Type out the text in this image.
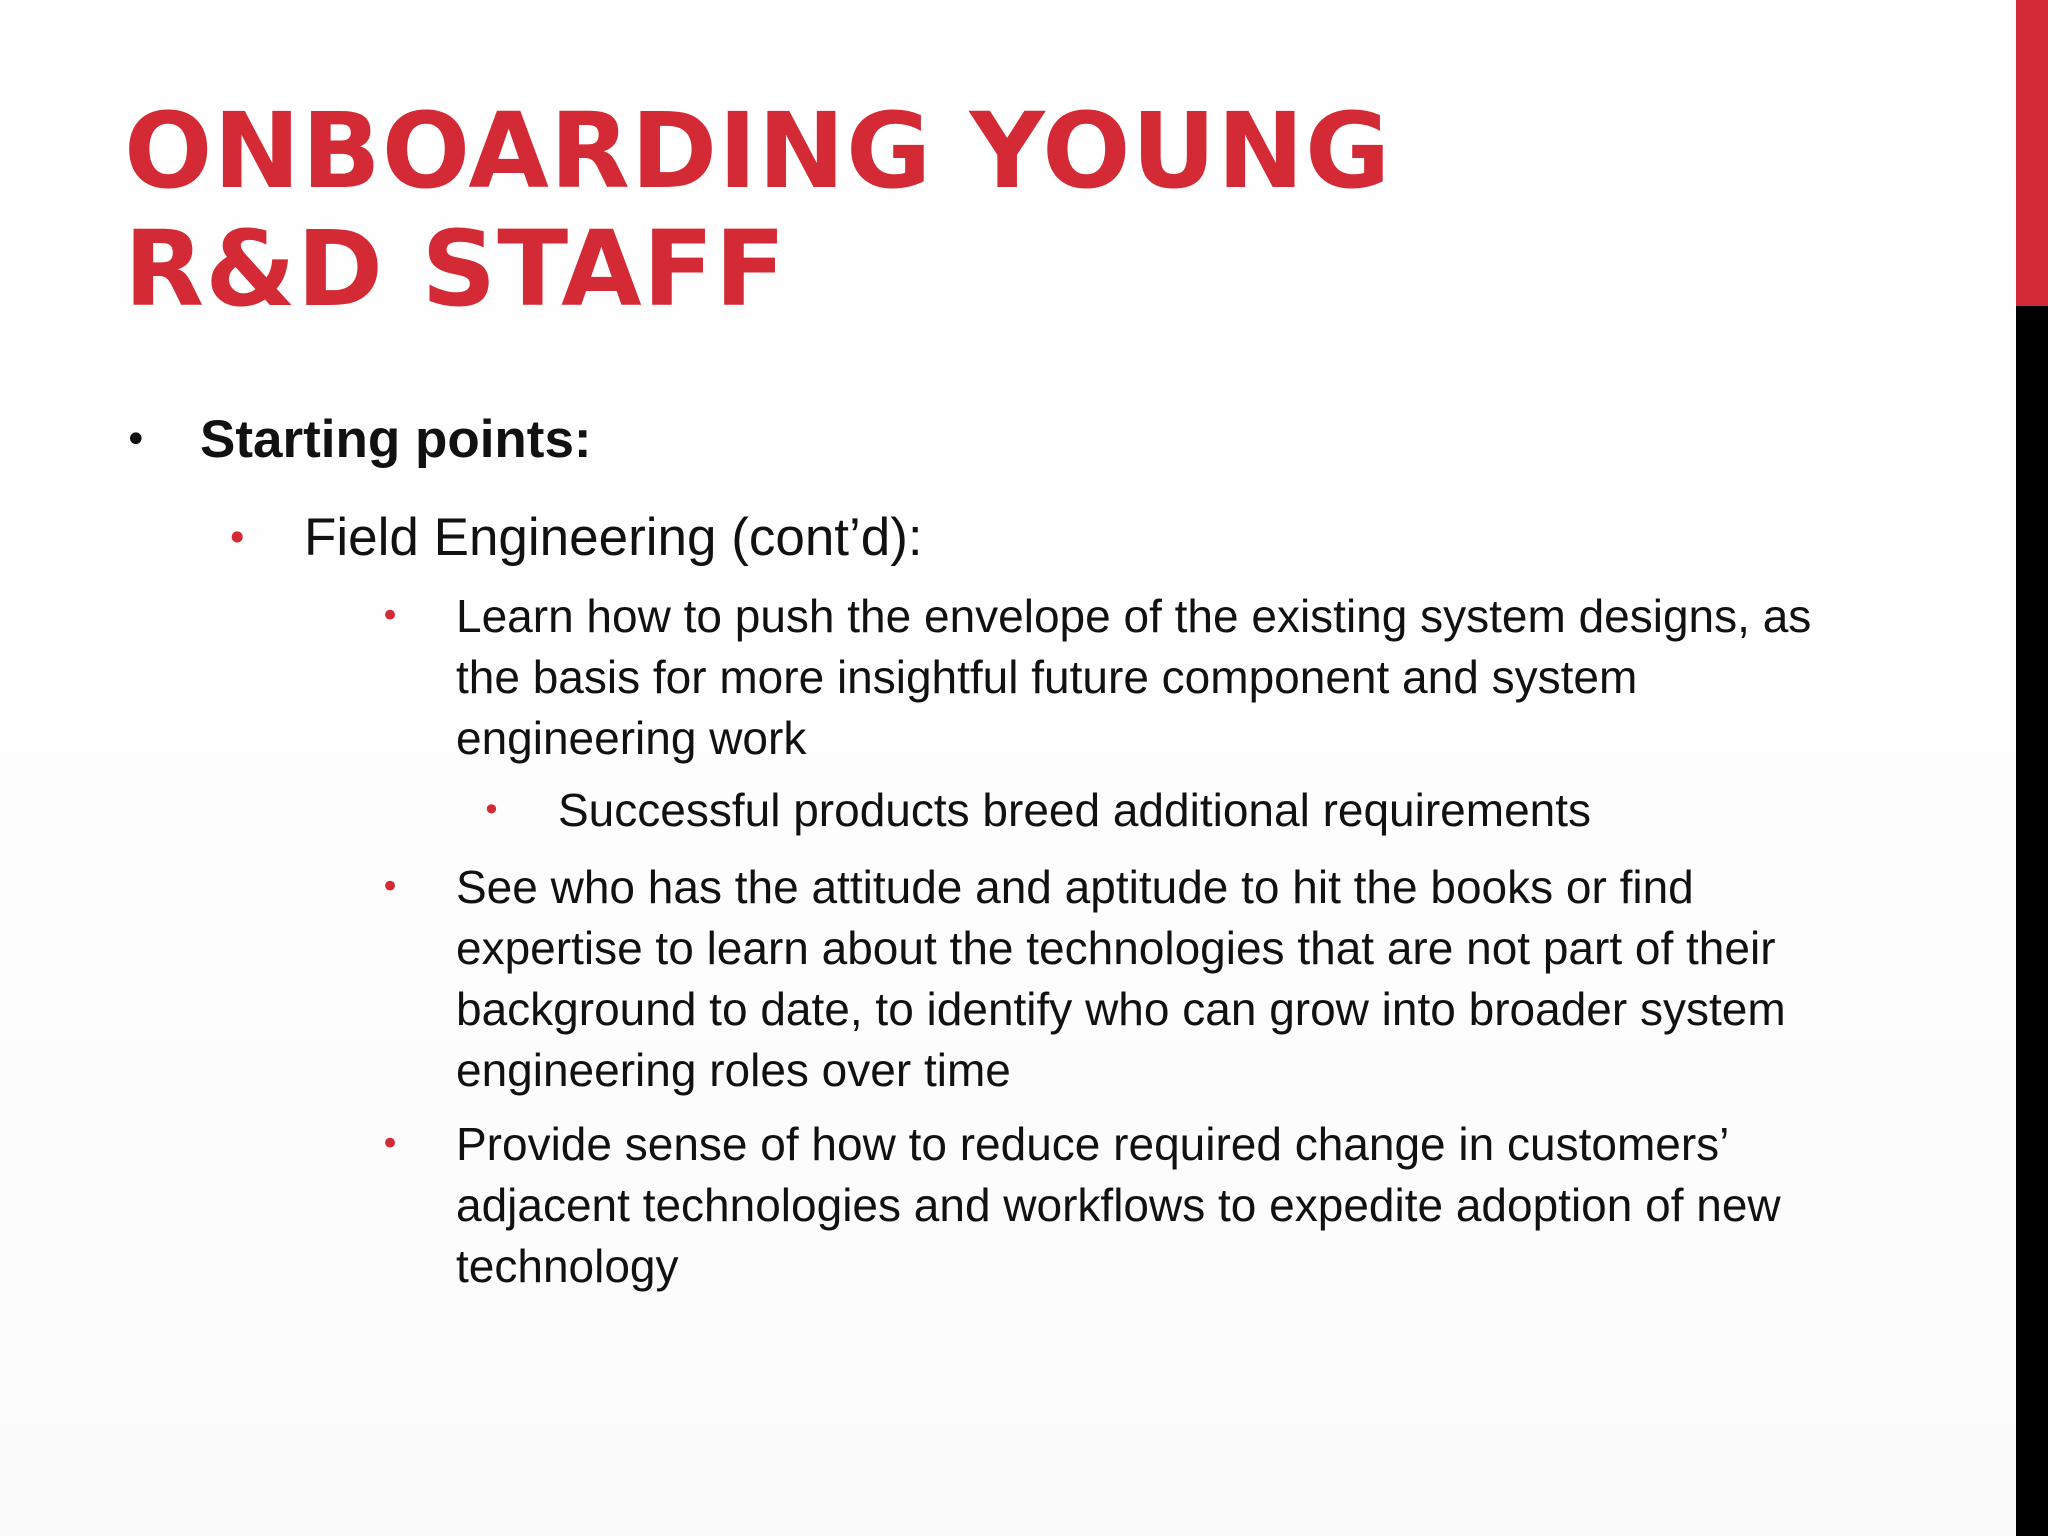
ONBOARDING YOUNG
R&D STAFF
• Starting points:

• Field Engineering (cont’d):

• Learn how to push the envelope of the existing system designs, as the basis for more insightful future component and system engineering work

• Successful products breed additional requirements

• See who has the attitude and aptitude to hit the books or find expertise to learn about the technologies that are not part of their background to date, to identify who can grow into broader system engineering roles over time

• Provide sense of how to reduce required change in customers’ adjacent technologies and workflows to expedite adoption of new technology
